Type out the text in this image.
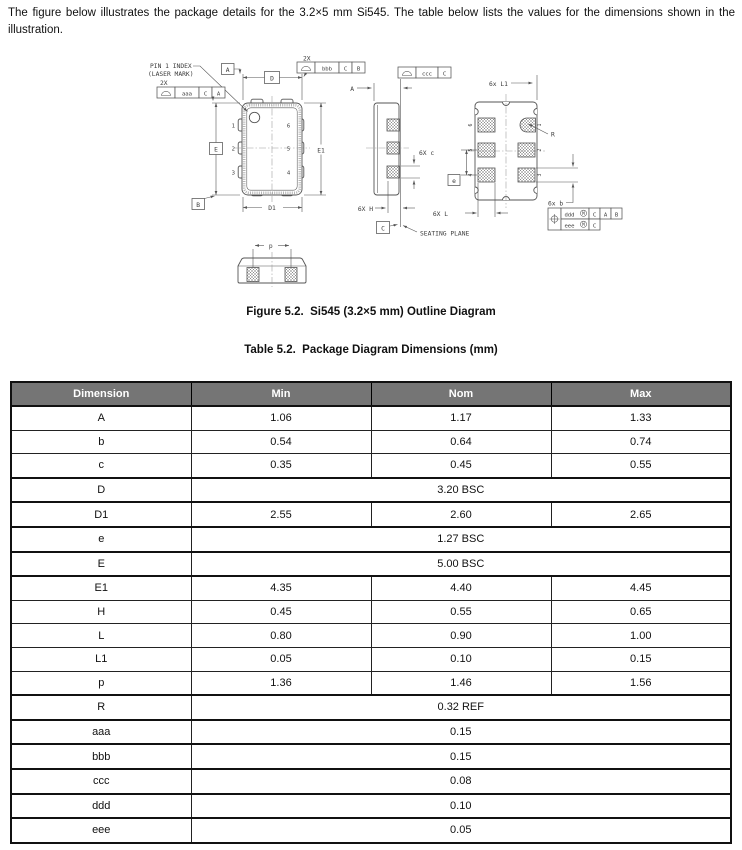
The figure below illustrates the package details for the 3.2×5 mm Si545. The table below lists the values for the dimensions shown in the illustration.

1
2
3
6
5
4
PIN 1 INDEX
(LASER MARK)
D
A
D1
B
E	E1
2X
aaa C A
2X
bbb C B
ccc C
A
6X c
6X H
C
SEATING PLANE
6
5
4
1
2
3
6x L1
R
e
6X L
6x b
ddd M C A B
eee M C
p
Figure 5.2.  Si545 (3.2×5 mm) Outline Diagram
Table 5.2.  Package Diagram Dimensions (mm)
Dimension	Min	Nom	Max
A	1.06	1.17	1.33
b	0.54	0.64	0.74
c	0.35	0.45	0.55
D	3.20 BSC		
D1	2.55	2.60	2.65
e	1.27 BSC		
E	5.00 BSC		
E1	4.35	4.40	4.45
H	0.45	0.55	0.65
L	0.80	0.90	1.00
L1	0.05	0.10	0.15
p	1.36	1.46	1.56
R	0.32 REF		
aaa	0.15		
bbb	0.15		
ccc	0.08		
ddd	0.10		
eee	0.05		
